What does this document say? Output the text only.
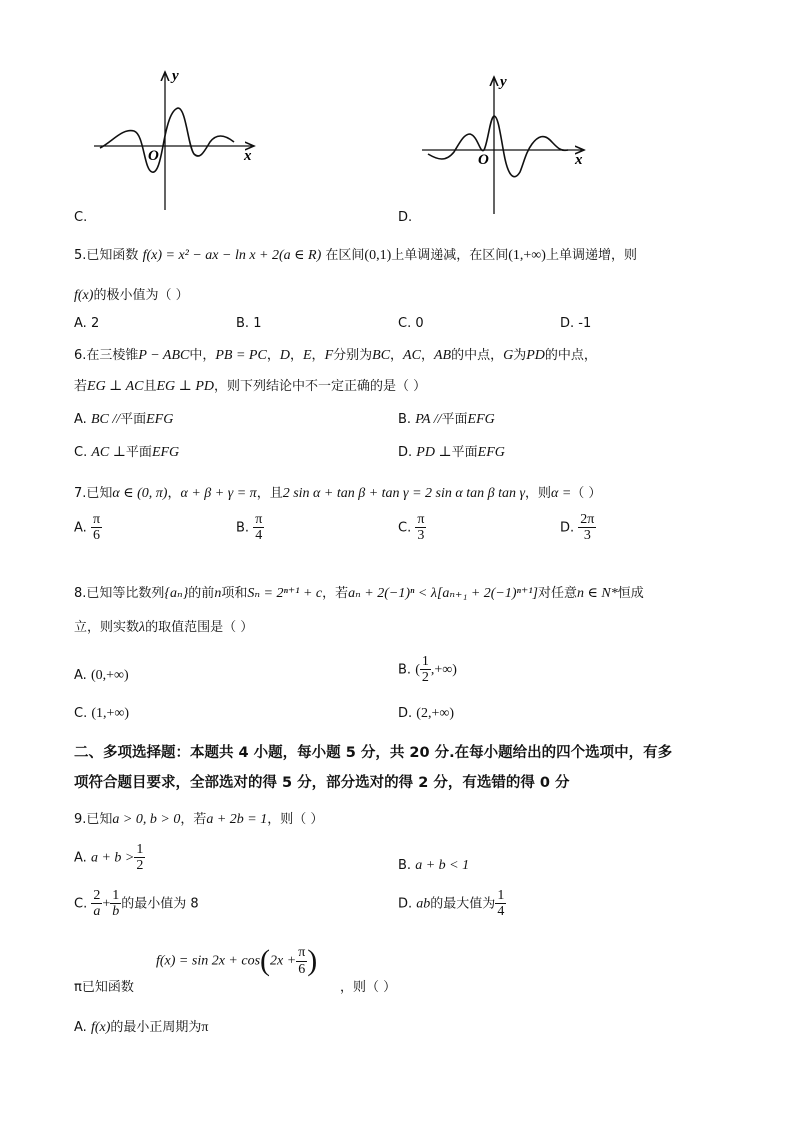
x
y
O
C.
x
y
O
D.
5.已知函数 f(x) = x² − ax − ln x + 2(a ∈ R) 在区间(0,1)上单调递减，在区间(1,+∞)上单调递增，则
f(x)的极小值为（ ）
A. 2	B. 1	C. 0	D. -1
6.在三棱锥P − ABC中，PB = PC，D，E，F分别为BC，AC，AB的中点，G为PD的中点，
若EG ⊥ AC且EG ⊥ PD，则下列结论中不一定正确的是（ ）
A. BC //平面EFG	B. PA //平面EFG
C. AC ⊥平面EFG	D. PD ⊥平面EFG
7.已知α ∈ (0, π)，α + β + γ = π，且2 sin α + tan β + tan γ = 2 sin α tan β tan γ，则α =（ ）
A. $\frac{\pi}{6}$	B. $\frac{\pi}{4}$	C. $\frac{\pi}{3}$	D. $\frac{2\pi}{3}$
8.已知等比数列{aₙ}的前n项和Sₙ = 2ⁿ⁺¹ + c，若aₙ + 2(−1)ⁿ < λ[aₙ₊₁ + 2(−1)ⁿ⁺¹]对任意n ∈ N*恒成
立，则实数λ的取值范围是（ ）
A. (0,+∞)	B. ( $\frac{1}{2}$ ,+∞)
C. (1,+∞)	D. (2,+∞)
二、多项选择题：本题共 4 小题，每小题 5 分，共 20 分.在每小题给出的四个选项中，有多
项符合题目要求，全部选对的得 5 分，部分选对的得 2 分，有选错的得 0 分
9.已知a > 0, b > 0，若a + 2b = 1，则（ ）
A. $a + b > \frac{1}{2}$	B. a + b < 1
C. $\frac{2}{a} + \frac{1}{b}$ 的最小值为 8	D. ab的最大值为 $\frac{1}{4}$
$f(x) = \sin 2x + \cos(2x + \frac{\pi}{6}$ )
π已知函数	，则（ ）
A. f(x)的最小正周期为π
